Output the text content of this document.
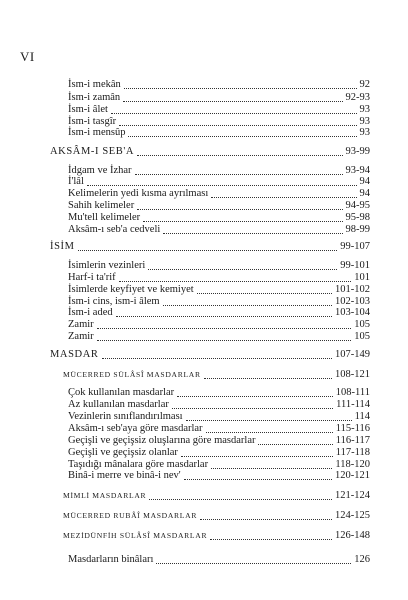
VI
İsm-i mekân	92
İsm-i zamân	92-93
İsm-i âlet	93
İsm-i tasgîr	93
İsm-i mensûp	93
AKSÂM-I SEB'A	93-99
İdgam ve İzhar	93-94
İ'lâl	94
Kelimelerin yedi kısma ayrılması	94
Sahih kelimeler	94-95
Mu'tell kelimeler	95-98
Aksâm-ı seb'a cedveli	98-99
İSİM	99-107
İsimlerin vezinleri	99-101
Harf-i ta'rif	101
İsimlerde keyfiyet ve kemiyet	101-102
İsm-i cins, ism-i âlem	102-103
İsm-i aded	103-104
Zamir	105
Zamir	105
MASDAR	107-149
MÜCERRED SÜLÂSÎ MASDARLAR	108-121
Çok kullanılan masdarlar	108-111
Az kullanılan masdarlar	111-114
Vezinlerin sınıflandırılması	114
Aksâm-ı seb'aya göre masdarlar	115-116
Geçişli ve geçişsiz oluşlarına göre masdarlar	116-117
Geçişli ve geçişsiz olanlar	117-118
Taşıdığı mânalara göre masdarlar	118-120
Binâ-i merre ve binâ-i nev'	120-121
MİMLİ MASDARLAR	121-124
MÜCERRED RUBÂÎ MASDARLAR	124-125
MEZİDÜNFİH SÜLÂSÎ MASDARLAR	126-148
Masdarların binâları	126
